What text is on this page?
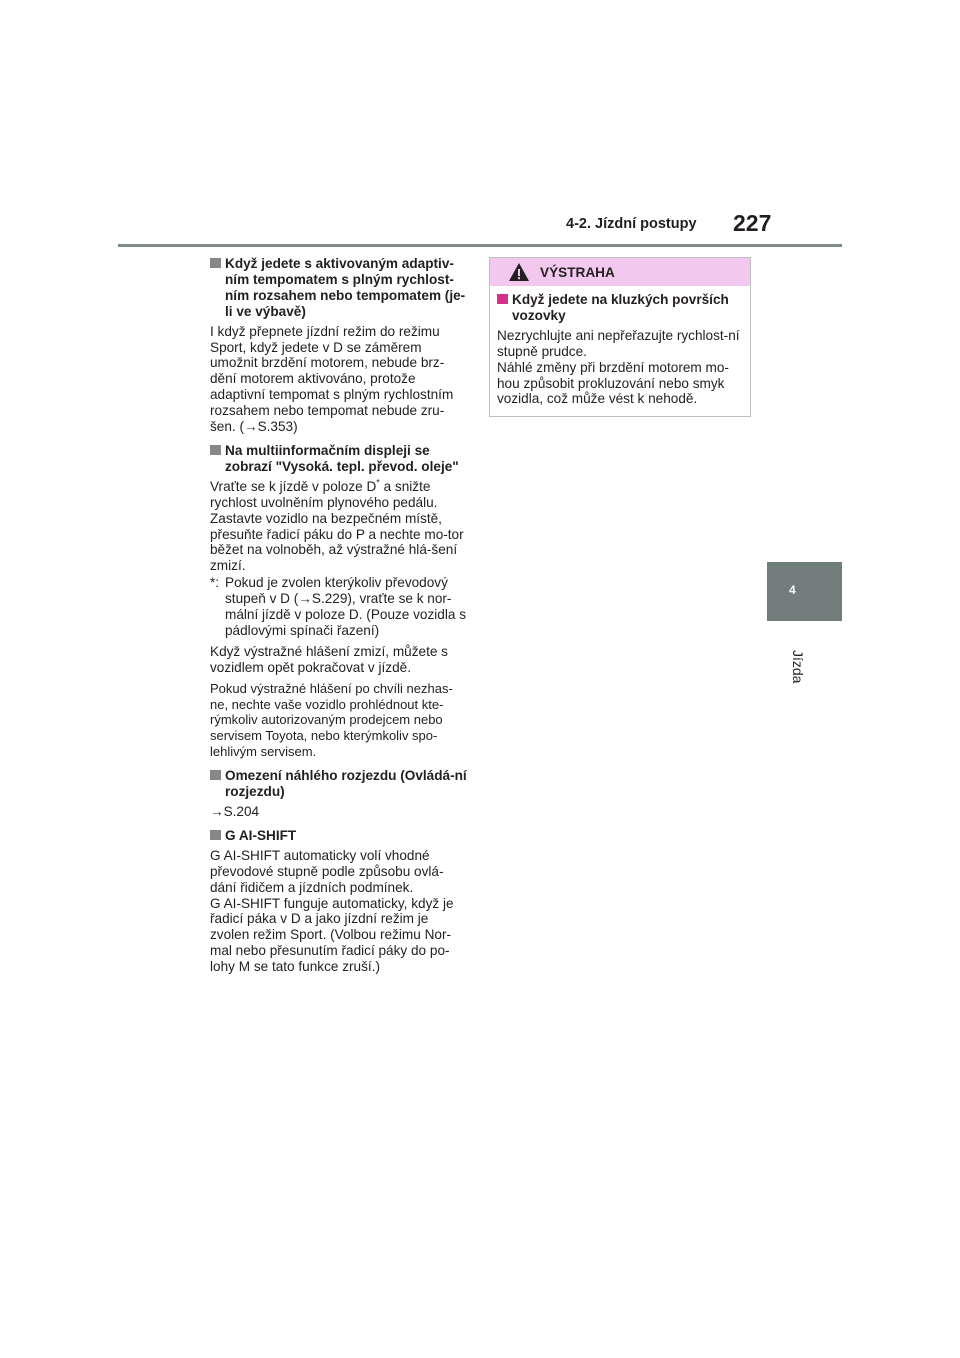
4-2. Jízdní postupy 227
4
Jízda
Když jedete s aktivovaným adaptiv-ním tempomatem s plným rychlost-ním rozsahem nebo tempomatem (je-li ve výbavě)

I když přepnete jízdní režim do režimu Sport, když jedete v D se záměrem umožnit brzdění motorem, nebude brz-dění motorem aktivováno, protože adaptivní tempomat s plným rychlostním rozsahem nebo tempomat nebude zru-šen. (→S.353)

Na multiinformačním displeji se zobrazí "Vysoká. tepl. převod. oleje"

Vraťte se k jízdě v poloze D* a snižte rychlost uvolněním plynového pedálu. Zastavte vozidlo na bezpečném místě, přesuňte řadicí páku do P a nechte mo-tor běžet na volnoběh, až výstražné hlá-šení zmizí.

*: Pokud je zvolen kterýkoliv převodový stupeň v D (→S.229), vraťte se k nor-mální jízdě v poloze D. (Pouze vozidla s pádlovými spínači řazení)

Když výstražné hlášení zmizí, můžete s vozidlem opět pokračovat v jízdě.

Pokud výstražné hlášení po chvíli nezhas-ne, nechte vaše vozidlo prohlédnout kte-rýmkoliv autorizovaným prodejcem nebo servisem Toyota, nebo kterýmkoliv spo-lehlivým servisem.

Omezení náhlého rozjezdu (Ovládá-ní rozjezdu)

→S.204

G AI-SHIFT

G AI-SHIFT automaticky volí vhodné převodové stupně podle způsobu ovlá-dání řidičem a jízdních podmínek.

G AI-SHIFT funguje automaticky, když je řadicí páka v D a jako jízdní režim je zvolen režim Sport. (Volbou režimu Nor-mal nebo přesunutím řadicí páky do po-lohy M se tato funkce zruší.)

VÝSTRAHA
Když jedete na kluzkých površích vozovky

Nezrychlujte ani nepřeřazujte rychlost-ní stupně prudce.

Náhlé změny při brzdění motorem mo-hou způsobit prokluzování nebo smyk vozidla, což může vést k nehodě.
